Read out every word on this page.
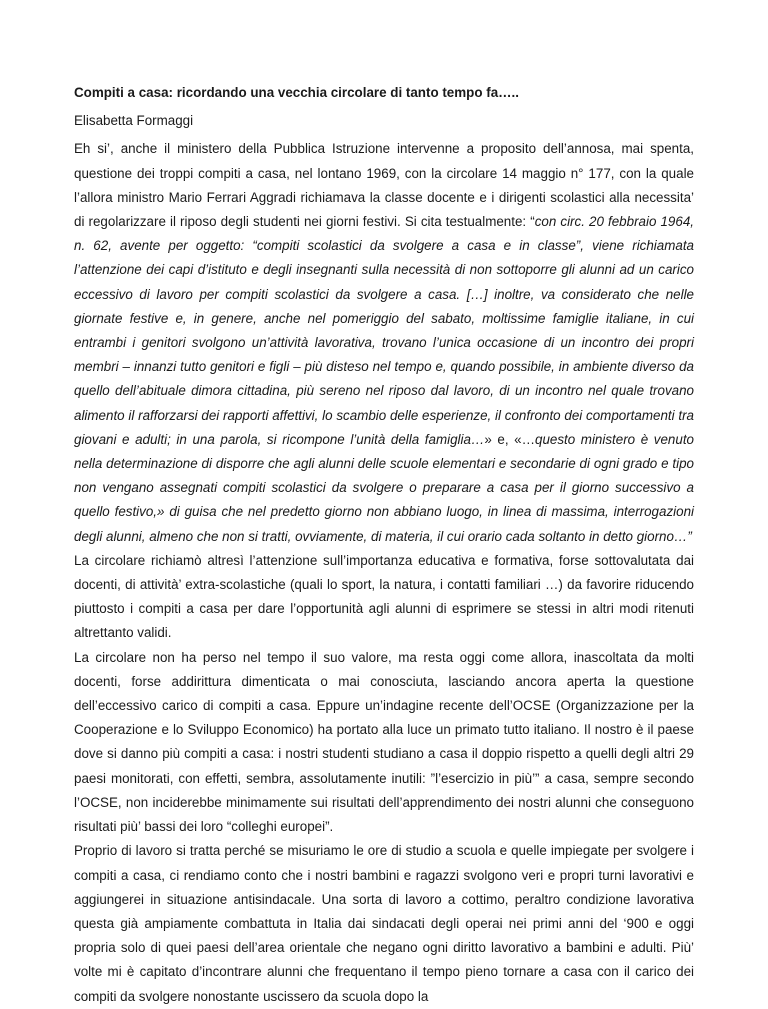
Compiti a casa: ricordando una vecchia circolare di tanto tempo fa…..
Elisabetta Formaggi

Eh si’, anche il ministero della Pubblica Istruzione intervenne a proposito dell’annosa, mai spenta, questione dei troppi compiti a casa, nel lontano 1969, con la circolare 14 maggio n° 177, con la quale l’allora ministro Mario Ferrari Aggradi richiamava la classe docente e i dirigenti scolastici alla necessita’ di regolarizzare il riposo degli studenti nei giorni festivi. Si cita testualmente: “con circ. 20 febbraio 1964, n. 62, avente per oggetto: “compiti scolastici da svolgere a casa e in classe”, viene richiamata l’attenzione dei capi d’istituto e degli insegnanti sulla necessità di non sottoporre gli alunni ad un carico eccessivo di lavoro per compiti scolastici da svolgere a casa. […] inoltre, va considerato che nelle giornate festive e, in genere, anche nel pomeriggio del sabato, moltissime famiglie italiane, in cui entrambi i genitori svolgono un’attività lavorativa, trovano l’unica occasione di un incontro dei propri membri – innanzi tutto genitori e figli – più disteso nel tempo e, quando possibile, in ambiente diverso da quello dell’abituale dimora cittadina, più sereno nel riposo dal lavoro, di un incontro nel quale trovano alimento il rafforzarsi dei rapporti affettivi, lo scambio delle esperienze, il confronto dei comportamenti tra giovani e adulti; in una parola, si ricompone l’unità della famiglia…» e, «…questo ministero è venuto nella determinazione di disporre che agli alunni delle scuole elementari e secondarie di ogni grado e tipo non vengano assegnati compiti scolastici da svolgere o preparare a casa per il giorno successivo a quello festivo,» di guisa che nel predetto giorno non abbiano luogo, in linea di massima, interrogazioni degli alunni, almeno che non si tratti, ovviamente, di materia, il cui orario cada soltanto in detto giorno…”

La circolare richiamò altresì l’attenzione sull’importanza educativa e formativa, forse sottovalutata dai docenti, di attività’ extra-scolastiche (quali lo sport, la natura, i contatti familiari …) da favorire riducendo piuttosto i compiti a casa per dare l’opportunità agli alunni di esprimere se stessi in altri modi ritenuti altrettanto validi.

La circolare non ha perso nel tempo il suo valore, ma resta oggi come allora, inascoltata da molti docenti, forse addirittura dimenticata o mai conosciuta, lasciando ancora aperta la questione dell’eccessivo carico di compiti a casa. Eppure un’indagine recente dell’OCSE (Organizzazione per la Cooperazione e lo Sviluppo Economico) ha portato alla luce un primato tutto italiano. Il nostro è il paese dove si danno più compiti a casa: i nostri studenti studiano a casa il doppio rispetto a quelli degli altri 29 paesi monitorati, con effetti, sembra, assolutamente inutili: ”l’esercizio in più’” a casa, sempre secondo l’OCSE, non inciderebbe minimamente sui risultati dell’apprendimento dei nostri alunni che conseguono risultati più’ bassi dei loro “colleghi europei”.

Proprio di lavoro si tratta perché se misuriamo le ore di studio a scuola e quelle impiegate per svolgere i compiti a casa, ci rendiamo conto che i nostri bambini e ragazzi svolgono veri e propri turni lavorativi e aggiungerei in situazione antisindacale. Una sorta di lavoro a cottimo, peraltro condizione lavorativa questa già ampiamente combattuta in Italia dai sindacati degli operai nei primi anni del ‘900 e oggi propria solo di quei paesi dell’area orientale che negano ogni diritto lavorativo a bambini e adulti. Più’ volte mi è capitato d’incontrare alunni che frequentano il tempo pieno tornare a casa con il carico dei compiti da svolgere nonostante uscissero da scuola dopo la
